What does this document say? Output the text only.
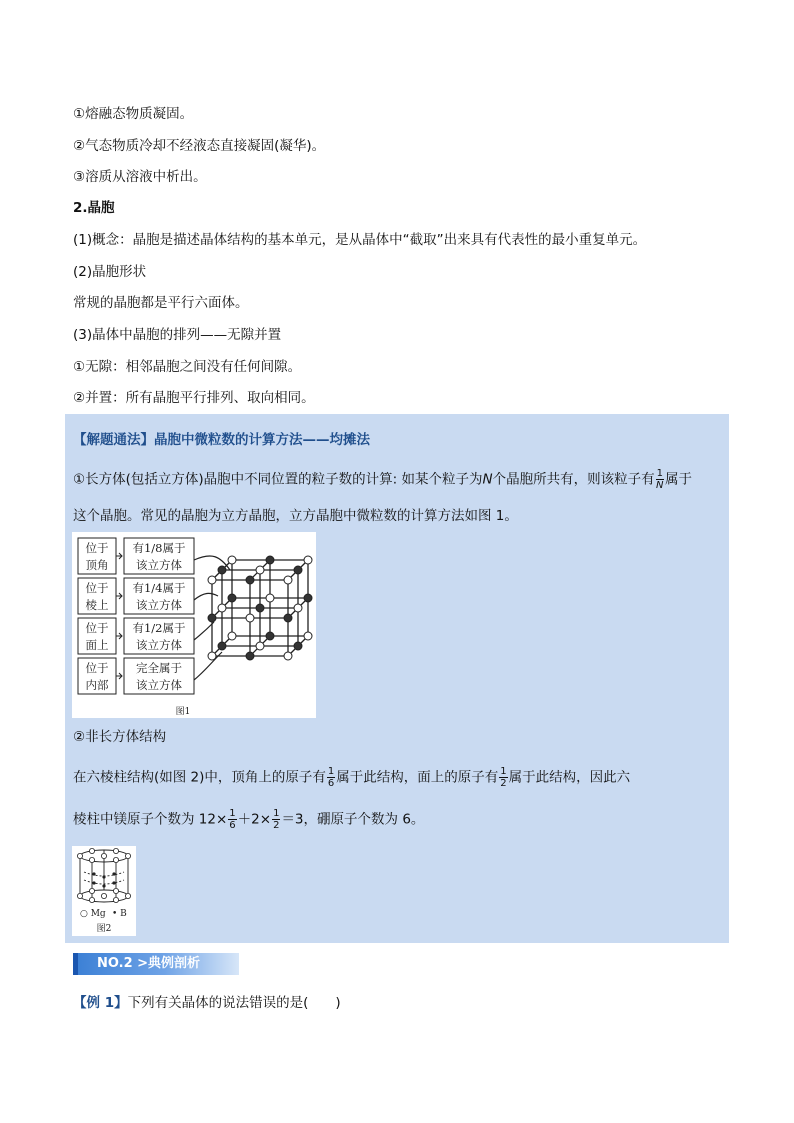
①熔融态物质凝固。
②气态物质冷却不经液态直接凝固(凝华)。
③溶质从溶液中析出。
2.晶胞
(1)概念：晶胞是描述晶体结构的基本单元，是从晶体中“截取”出来具有代表性的最小重复单元。
(2)晶胞形状
常规的晶胞都是平行六面体。
(3)晶体中晶胞的排列——无隙并置
①无隙：相邻晶胞之间没有任何间隙。
②并置：所有晶胞平行排列、取向相同。
【解题通法】晶胞中微粒数的计算方法——均摊法
①长方体(包括立方体)晶胞中不同位置的粒子数的计算: 如某个粒子为N个晶胞所共有，则该粒子有 $\frac{1}{N}$ 属于
这个晶胞。常见的晶胞为立方晶胞，立方晶胞中微粒数的计算方法如图 1。
位于
顶角
有1/8属于
该立方体
位于
棱上
有1/4属于
该立方体
位于
面上
有1/2属于
该立方体
位于
内部
完全属于
该立方体
图1
②非长方体结构
在六棱柱结构(如图 2)中，顶角上的原子有 $\frac{1}{6}$ 属于此结构，面上的原子有 $\frac{1}{2}$ 属于此结构，因此六
棱柱中镁原子个数为 $12\times \frac{1}{6} +2\times \frac{1}{2} =3$，硼原子个数为 6。
○ Mg • B
图2
NO.2 >典例剖析
【例 1】下列有关晶体的说法错误的是(　　)
